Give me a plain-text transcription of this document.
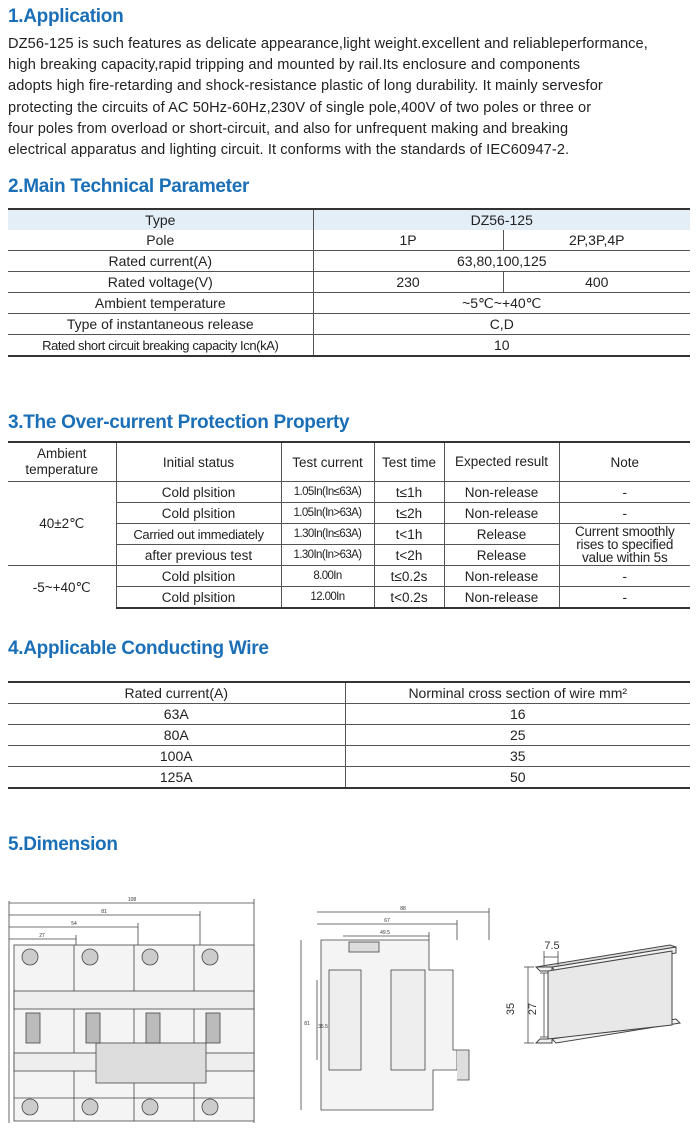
1.Application
DZ56-125 is such features as delicate appearance,light weight.excellent and reliableperformance,
high breaking capacity,rapid tripping and mounted by rail.Its enclosure and components
adopts high fire-retarding and shock-resistance plastic of long durability. It mainly servesfor
protecting the circuits of AC 50Hz-60Hz,230V of single pole,400V of two poles or three or
four poles from overload or short-circuit, and also for unfrequent making and breaking
electrical apparatus and lighting circuit. It conforms with the standards of IEC60947-2.
2.Main Technical Parameter
Type	DZ56-125	
Pole	1P	2P,3P,4P
Rated current(A)	63,80,100,125	
Rated voltage(V)	230	400
Ambient temperature	~5℃~+40℃	
Type of instantaneous release	C,D	
Rated short circuit breaking capacity Icn(kA)	10	
3.The Over-current Protection Property
Ambient temperature	Initial status	Test current	Test time	Expected result	Note
40±2℃	Cold plsition	1.05In(In≤63A)	t≤1h	Non-release	-
	Cold plsition	1.05In(In>63A)	t≤2h	Non-release	-
	Carried out immediately	1.30In(In≤63A)	t<1h	Release	Current smoothly rises to specified value within 5s
	after previous test	1.30In(In>63A)	t<2h	Release	
-5~+40℃	Cold plsition	8.00In	t≤0.2s	Non-release	-
	Cold plsition	12.00In	t<0.2s	Non-release	-
4.Applicable Conducting Wire
Rated current(A)	Norminal cross section of wire mm²
63A	16
80A	25
100A	35
125A	50
5.Dimension
108
81
54
27
88
67
49.5
81 35.5
7.5
35 27
